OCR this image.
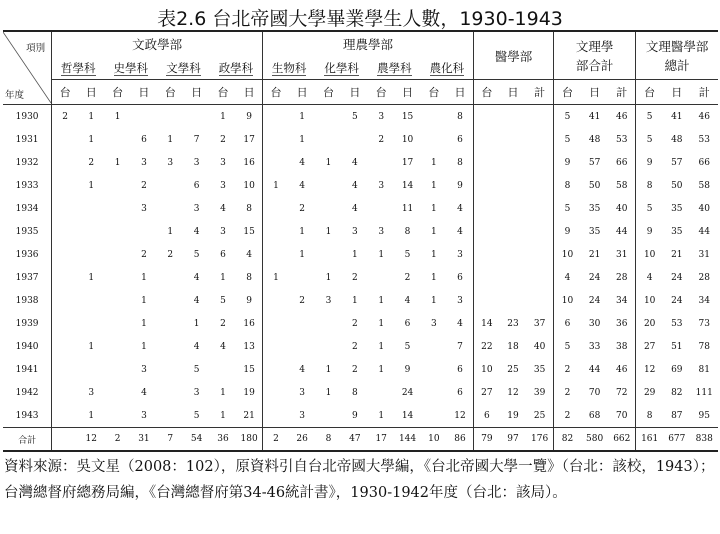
表2.6 台北帝國大學畢業學生人數，1930-1943
項別
年度	文政學部								理農學部								醫學部			文理學部合計			文理醫學部總計		
	哲學科		史學科		文學科		政學科		生物科		化學科		農學科		農化科										
	台	日	台	日	台	日	台	日	台	日	台	日	台	日	台	日	台	日	計	台	日	計	台	日	計
1930	2	1	1				1	9		1		5	3	15		8				5	41	46	5	41	46
1931		1		6	1	7	2	17		1			2	10		6				5	48	53	5	48	53
1932		2	1	3	3	3	3	16		4	1	4		17	1	8				9	57	66	9	57	66
1933		1		2		6	3	10	1	4		4	3	14	1	9				8	50	58	8	50	58
1934				3		3	4	8		2		4		11	1	4				5	35	40	5	35	40
1935					1	4	3	15		1	1	3	3	8	1	4				9	35	44	9	35	44
1936				2	2	5	6	4		1		1	1	5	1	3				10	21	31	10	21	31
1937		1		1		4	1	8	1		1	2		2	1	6				4	24	28	4	24	28
1938				1		4	5	9		2	3	1	1	4	1	3				10	24	34	10	24	34
1939				1		1	2	16				2	1	6	3	4	14	23	37	6	30	36	20	53	73
1940		1		1		4	4	13				2	1	5		7	22	18	40	5	33	38	27	51	78
1941				3		5		15		4	1	2	1	9		6	10	25	35	2	44	46	12	69	81
1942		3		4		3	1	19		3	1	8		24		6	27	12	39	2	70	72	29	82	111
1943		1		3		5	1	21		3		9	1	14		12	6	19	25	2	68	70	8	87	95
合計		12	2	31	7	54	36	180	2	26	8	47	17	144	10	86	79	97	176	82	580	662	161	677	838
資料來源：吳文星（2008：102），原資料引自台北帝國大學編，《台北帝國大學一覽》（台北：該校，1943）；台灣總督府總務局編，《台灣總督府第34-46統計書》，1930-1942年度（台北：該局）。
